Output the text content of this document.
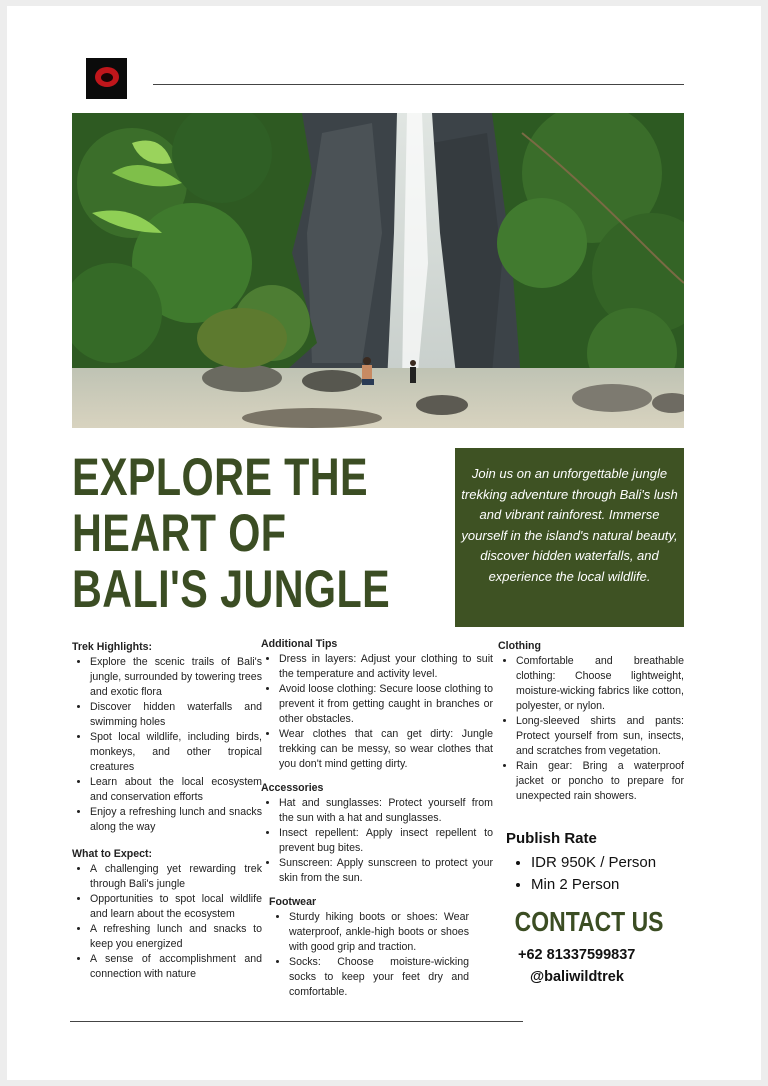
EXPLORE THE
HEART OF
BALI'S JUNGLE
Join us on an unforgettable jungle trekking adventure through Bali's lush and vibrant rainforest. Immerse yourself in the island's natural beauty, discover hidden waterfalls, and experience the local wildlife.
Trek Highlights:
• Explore the scenic trails of Bali's jungle, surrounded by towering trees and exotic flora
• Discover hidden waterfalls and swimming holes
• Spot local wildlife, including birds, monkeys, and other tropical creatures
• Learn about the local ecosystem and conservation efforts
• Enjoy a refreshing lunch and snacks along the way
What to Expect:
• A challenging yet rewarding trek through Bali's jungle
• Opportunities to spot local wildlife and learn about the ecosystem
• A refreshing lunch and snacks to keep you energized
• A sense of accomplishment and connection with nature
Additional Tips
• Dress in layers: Adjust your clothing to suit the temperature and activity level.
• Avoid loose clothing: Secure loose clothing to prevent it from getting caught in branches or other obstacles.
• Wear clothes that can get dirty: Jungle trekking can be messy, so wear clothes that you don't mind getting dirty.
Accessories
• Hat and sunglasses: Protect yourself from the sun with a hat and sunglasses.
• Insect repellent: Apply insect repellent to prevent bug bites.
• Sunscreen: Apply sunscreen to protect your skin from the sun.
Footwear
• Sturdy hiking boots or shoes: Wear waterproof, ankle-high boots or shoes with good grip and traction.
• Socks: Choose moisture-wicking socks to keep your feet dry and comfortable.
Clothing
• Comfortable and breathable clothing: Choose lightweight, moisture-wicking fabrics like cotton, polyester, or nylon.
• Long-sleeved shirts and pants: Protect yourself from sun, insects, and scratches from vegetation.
• Rain gear: Bring a waterproof jacket or poncho to prepare for unexpected rain showers.
Publish Rate
• IDR 950K / Person
• Min 2 Person
CONTACT US
+62 81337599837
@baliwildtrek
